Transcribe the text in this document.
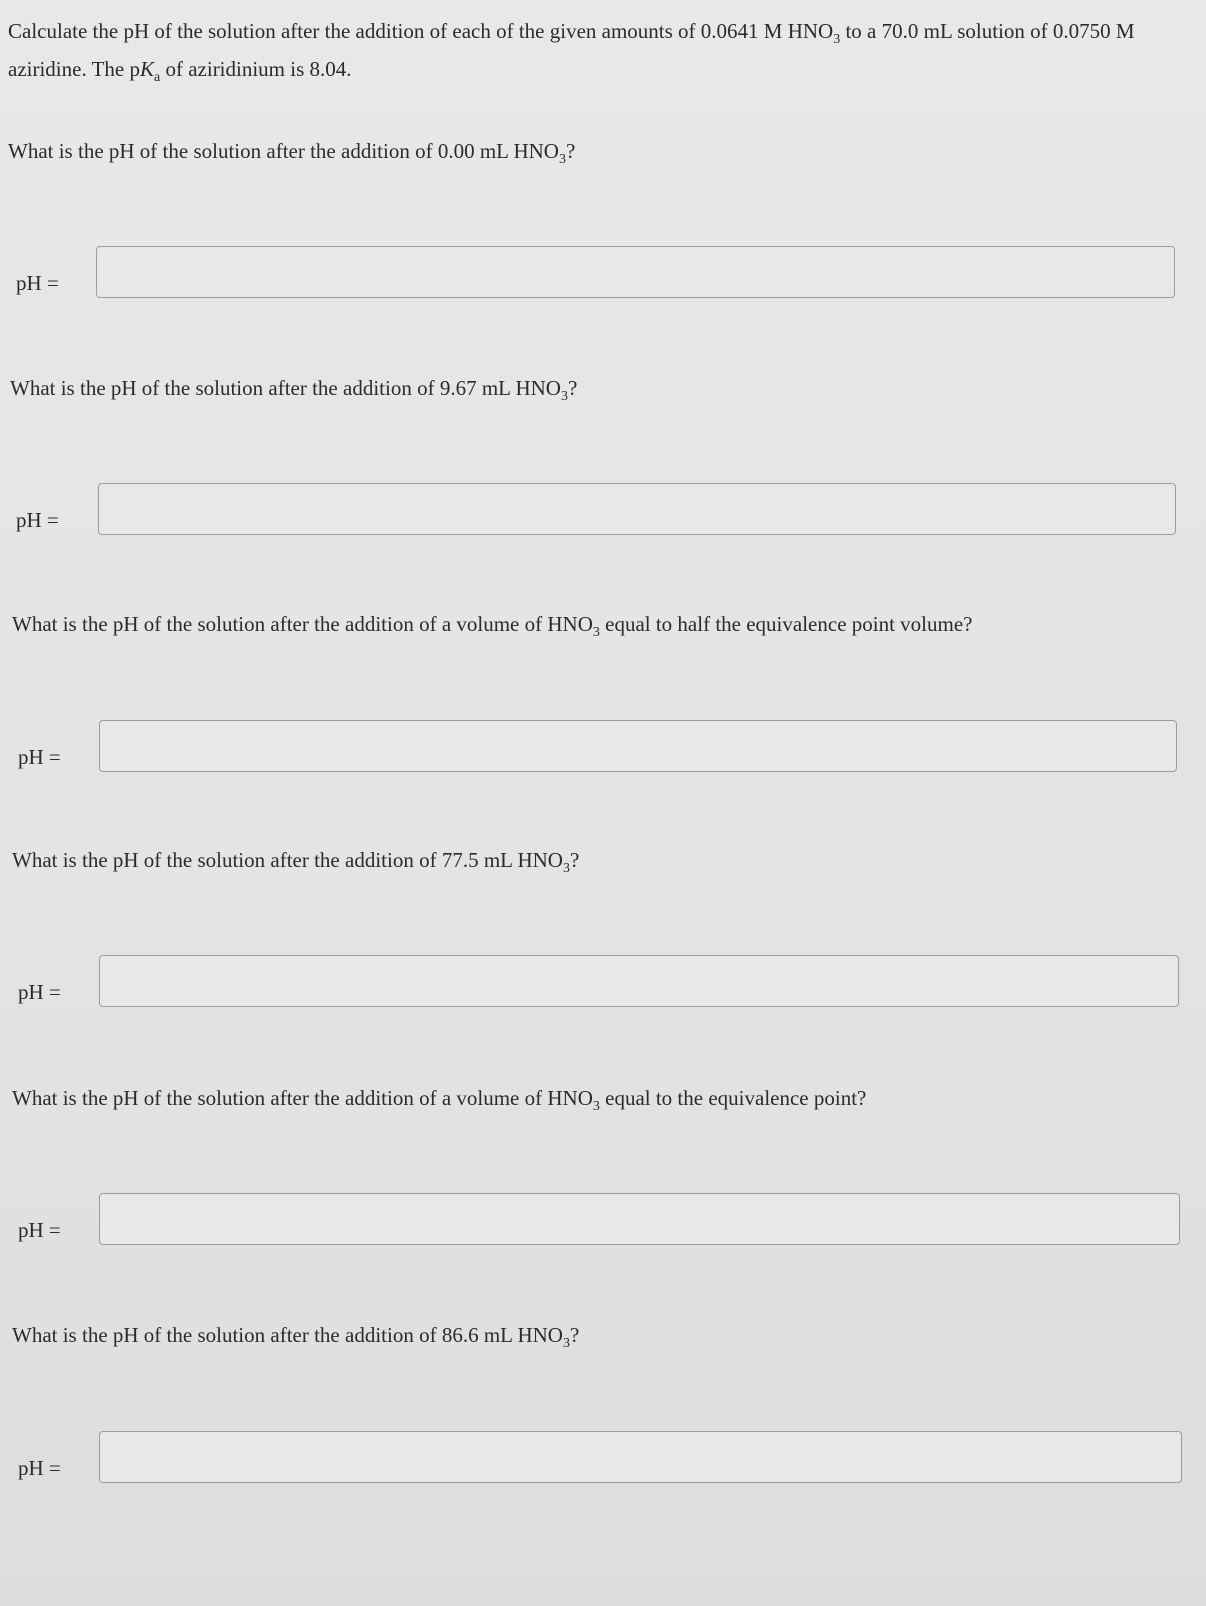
Calculate the pH of the solution after the addition of each of the given amounts of 0.0641 M $HNO_3$ to a 70.0 mL solution of 0.0750 M aziridine. The $pK_a$ of aziridinium is 8.04.
What is the pH of the solution after the addition of 0.00 mL $HNO_3$?
pH =
What is the pH of the solution after the addition of 9.67 mL $HNO_3$?
pH =
What is the pH of the solution after the addition of a volume of $HNO_3$ equal to half the equivalence point volume?
pH =
What is the pH of the solution after the addition of 77.5 mL $HNO_3$?
pH =
What is the pH of the solution after the addition of a volume of $HNO_3$ equal to the equivalence point?
pH =
What is the pH of the solution after the addition of 86.6 mL $HNO_3$?
pH =
